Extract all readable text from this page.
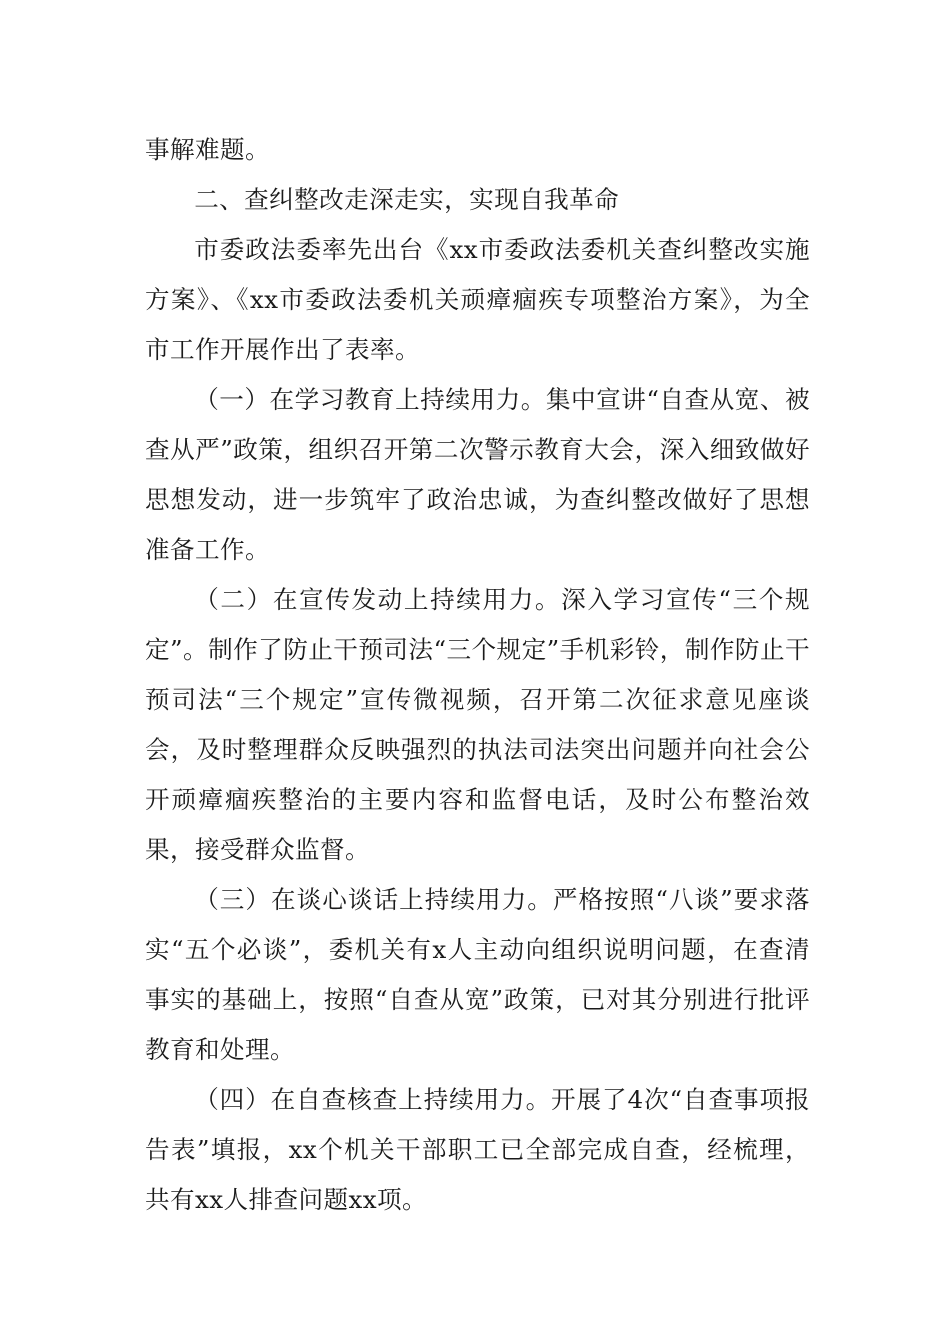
事解难题。

二、查纠整改走深走实，实现自我革命

市委政法委率先出台《xx市委政法委机关查纠整改实施方案》、《xx市委政法委机关顽瘴痼疾专项整治方案》，为全市工作开展作出了表率。

（一）在学习教育上持续用力。集中宣讲“自查从宽、被查从严”政策，组织召开第二次警示教育大会，深入细致做好思想发动，进一步筑牢了政治忠诚，为查纠整改做好了思想准备工作。

（二）在宣传发动上持续用力。深入学习宣传“三个规定”。制作了防止干预司法“三个规定”手机彩铃，制作防止干预司法“三个规定”宣传微视频，召开第二次征求意见座谈会，及时整理群众反映强烈的执法司法突出问题并向社会公开顽瘴痼疾整治的主要内容和监督电话，及时公布整治效果，接受群众监督。

（三）在谈心谈话上持续用力。严格按照“八谈”要求落实“五个必谈”，委机关有x人主动向组织说明问题，在查清事实的基础上，按照“自查从宽”政策，已对其分别进行批评教育和处理。

（四）在自查核查上持续用力。开展了4次“自查事项报告表”填报，xx个机关干部职工已全部完成自查，经梳理，共有xx人排查问题xx项。
